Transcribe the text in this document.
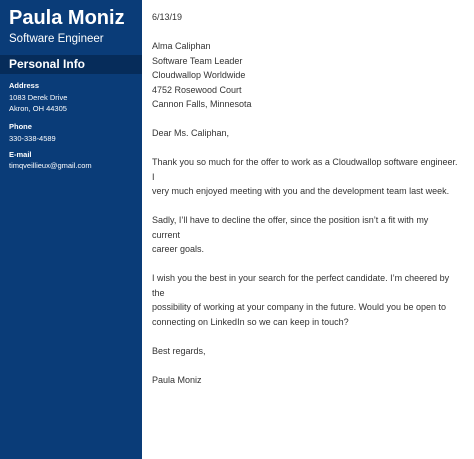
Paula Moniz
Software Engineer
Personal Info
Address
1083 Derek Drive
Akron, OH 44305
Phone
330-338-4589
E-mail
timqveillieux@gmail.com

6/13/19

Alma Caliphan

Software Team Leader

Cloudwallop Worldwide

4752 Rosewood Court

Cannon Falls, Minnesota

Dear Ms. Caliphan,

Thank you so much for the offer to work as a Cloudwallop software engineer. I

very much enjoyed meeting with you and the development team last week.

Sadly, I’ll have to decline the offer, since the position isn’t a fit with my current

career goals.

I wish you the best in your search for the perfect candidate. I’m cheered by the

possibility of working at your company in the future. Would you be open to

connecting on LinkedIn so we can keep in touch?

Best regards,

Paula Moniz
